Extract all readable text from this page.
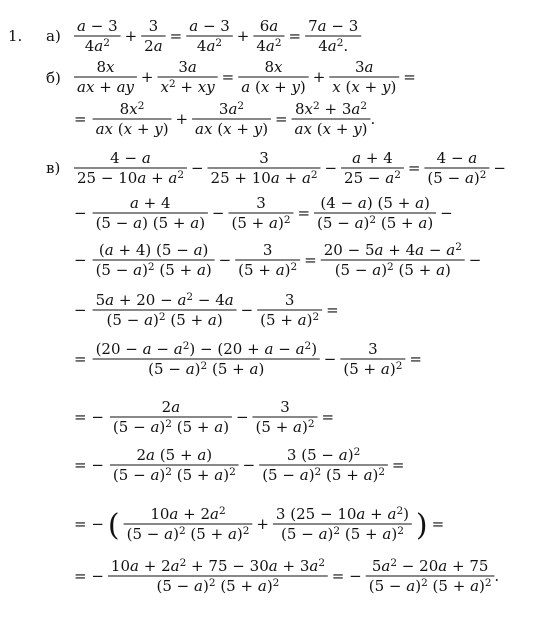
1. а)
б)
в)
a − 3
4a2 +
3
2a
=
a − 3
4a2 +
6a
4a2 =
7a − 3
4a2.
8x
ax + ay
+
3a
x2 + xy
=
8x
a (x + y)
+
3a
x (x + y)
=
=
8x2
ax (x + y)
+
3a2
ax (x + y)
=
8x2 + 3a2
ax (x + y)
.
4 − a
25 − 10a + a2 −
3
25 + 10a + a2 −
a + 4
25 − a2 =
4 − a
(5 − a)2 −
−
a + 4
(5 − a) (5 + a)
−
3
(5 + a)2 =
(4 − a) (5 + a)
(5 − a)2 (5 + a)
−
−
(a + 4) (5 − a)
(5 − a)2 (5 + a)
−
3
(5 + a)2 =
20 − 5a + 4a − a2
(5 − a)2 (5 + a)
−
−
5a + 20 − a2 − 4a
(5 − a)2 (5 + a)
−
3
(5 + a)2 =
=
(20 − a − a2) − (20 + a − a2)
(5 − a)2 (5 + a)
−
3
(5 + a)2 =
= −
2a
(5 − a)2 (5 + a)
−
3
(5 + a)2 =
= −
2a (5 + a)
(5 − a)2 (5 + a)2 −
3 (5 − a)2
(5 − a)2 (5 + a)2 =
= − ( 10a + 2a2
(5 − a)2 (5 + a)2 +
3 (25 − 10a + a2)
(5 − a)2 (5 + a)2 ) =
= −
10a + 2a2 + 75 − 30a + 3a2
(5 − a)2 (5 + a)2	= −
5a2 − 20a + 75
(5 − a)2 (5 + a)2 .
